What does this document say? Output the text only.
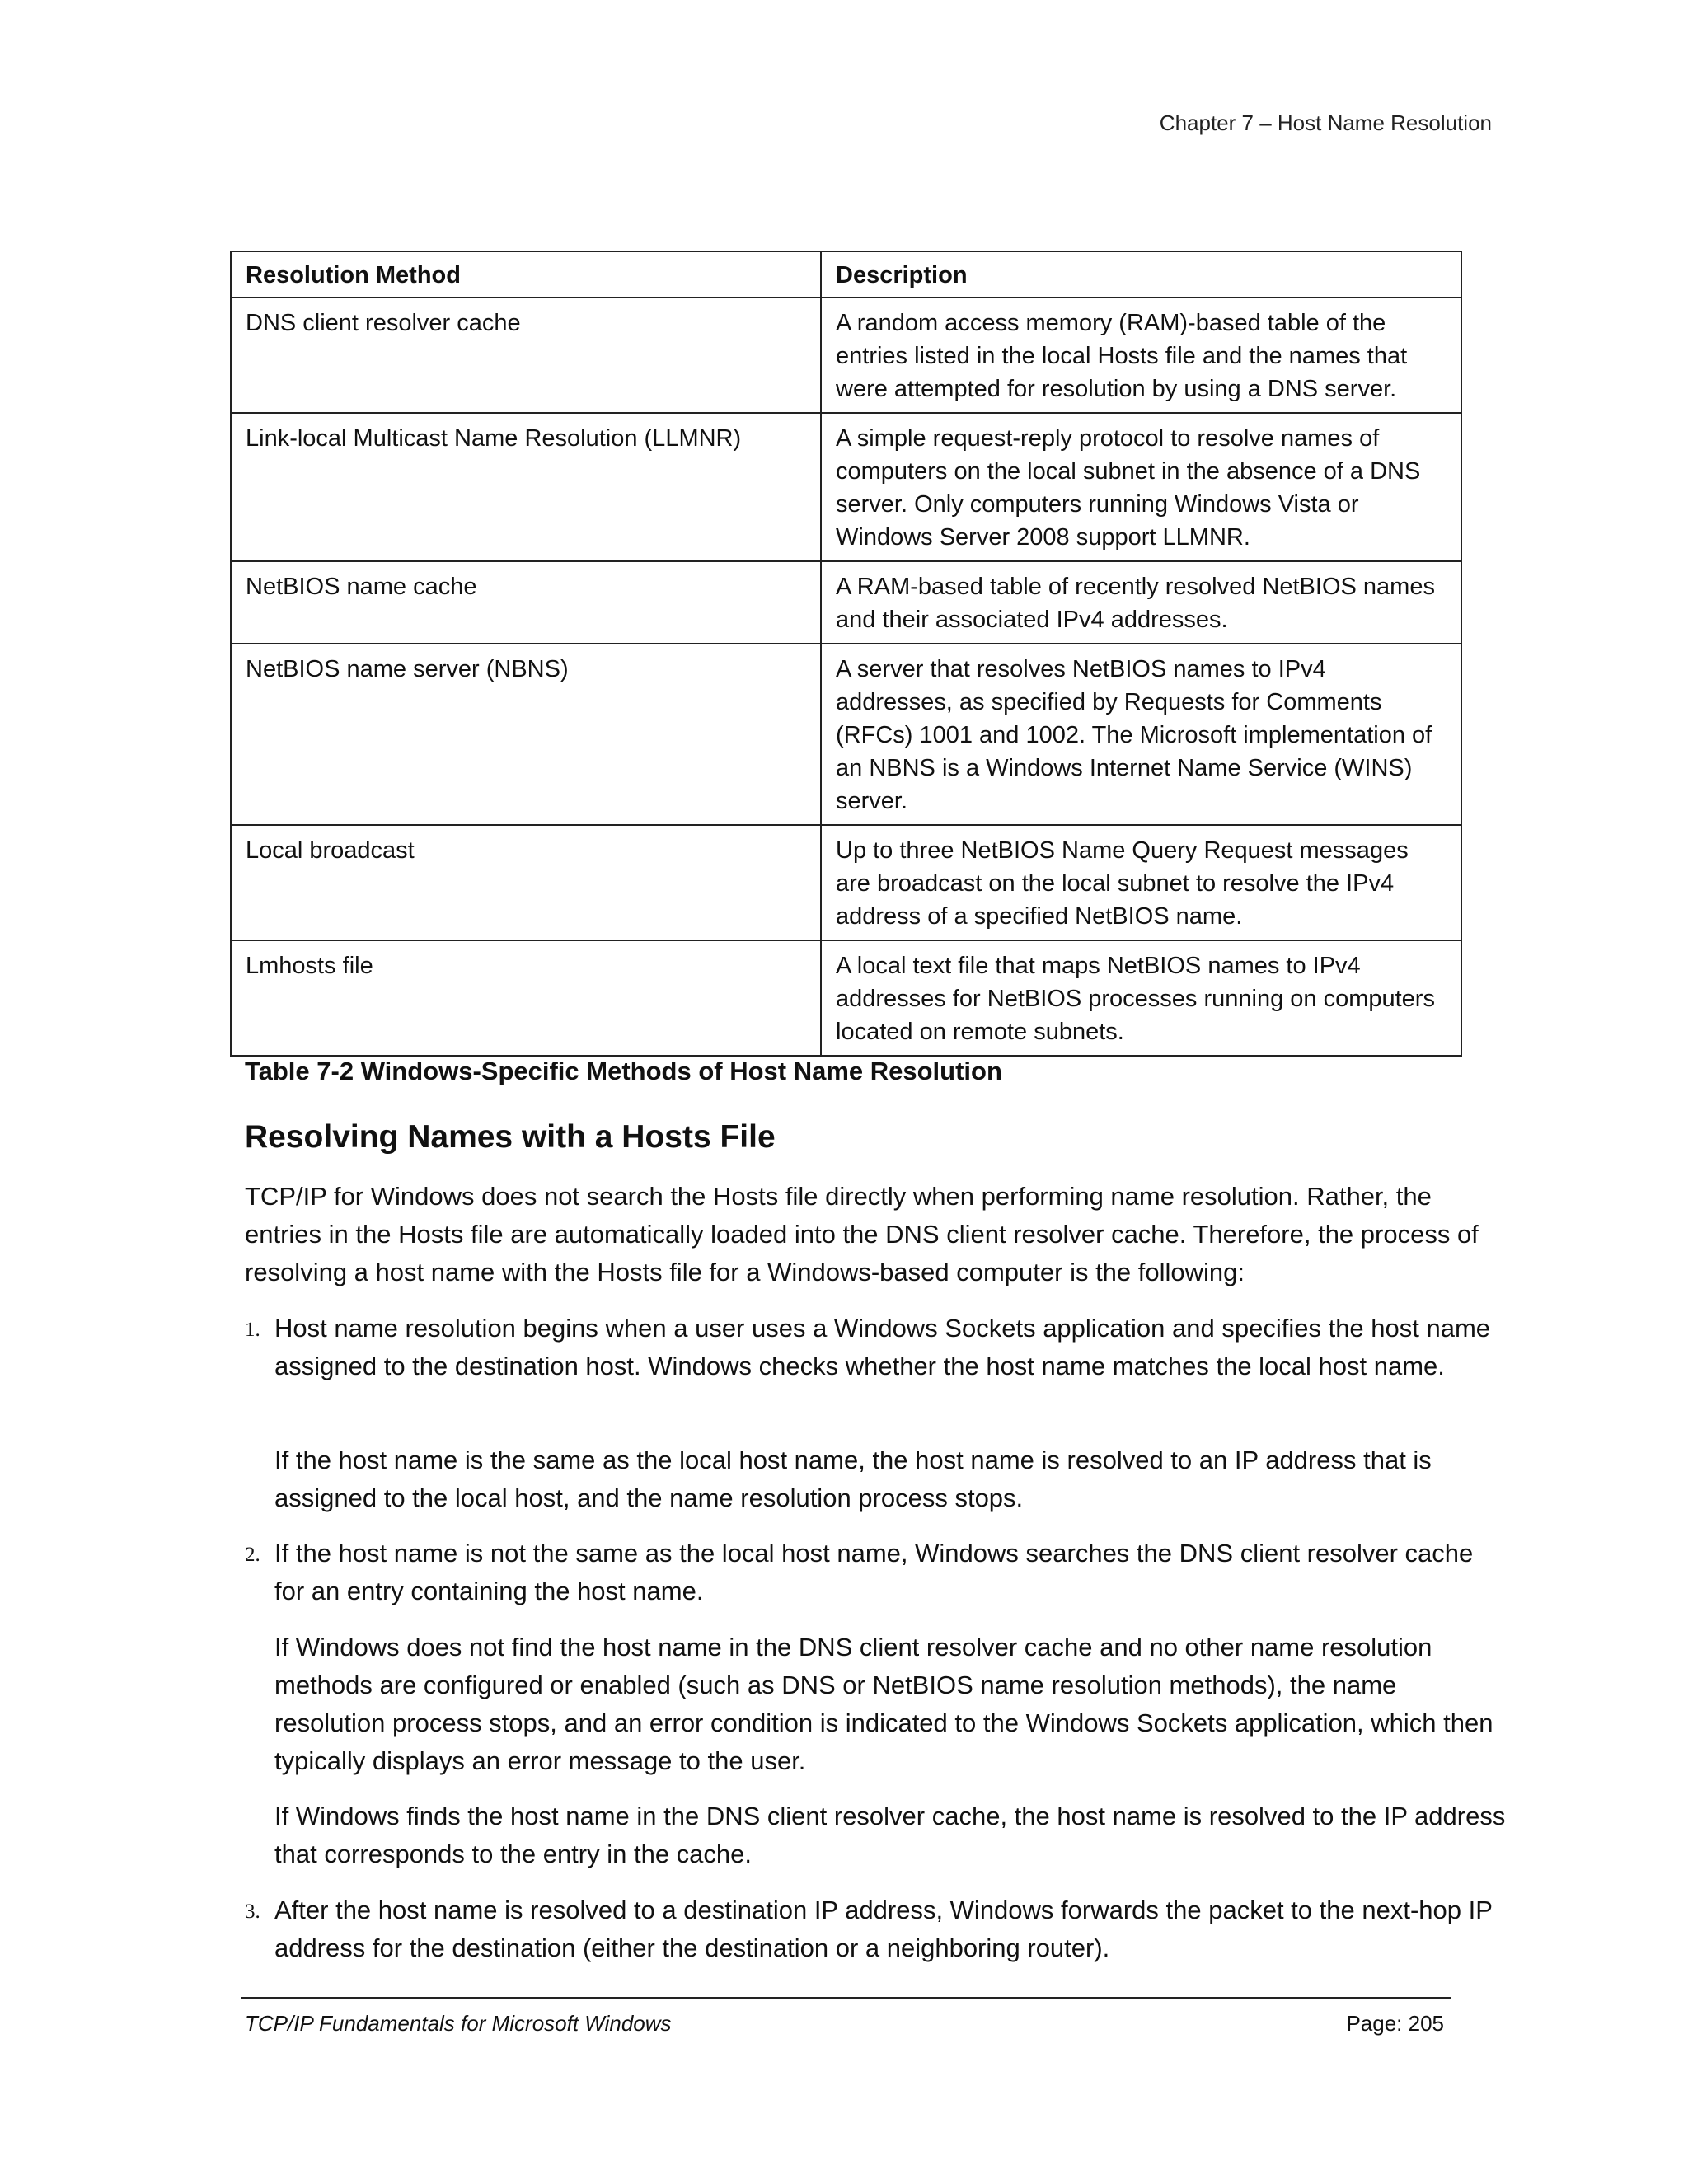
Chapter 7 – Host Name Resolution
Resolution Method	Description
DNS client resolver cache	A random access memory (RAM)-based table of the entries listed in the local Hosts file and the names that were attempted for resolution by using a DNS server.
Link-local Multicast Name Resolution (LLMNR)	A simple request-reply protocol to resolve names of computers on the local subnet in the absence of a DNS server. Only computers running Windows Vista or Windows Server 2008 support LLMNR.
NetBIOS name cache	A RAM-based table of recently resolved NetBIOS names and their associated IPv4 addresses.
NetBIOS name server (NBNS)	A server that resolves NetBIOS names to IPv4 addresses, as specified by Requests for Comments (RFCs) 1001 and 1002. The Microsoft implementation of an NBNS is a Windows Internet Name Service (WINS) server.
Local broadcast	Up to three NetBIOS Name Query Request messages are broadcast on the local subnet to resolve the IPv4 address of a specified NetBIOS name.
Lmhosts file	A local text file that maps NetBIOS names to IPv4 addresses for NetBIOS processes running on computers located on remote subnets.
Table 7-2 Windows-Specific Methods of Host Name Resolution
Resolving Names with a Hosts File
TCP/IP for Windows does not search the Hosts file directly when performing name resolution. Rather, the entries in the Hosts file are automatically loaded into the DNS client resolver cache. Therefore, the process of resolving a host name with the Hosts file for a Windows-based computer is the following:
1. Host name resolution begins when a user uses a Windows Sockets application and specifies the host name assigned to the destination host. Windows checks whether the host name matches the local host name.
If the host name is the same as the local host name, the host name is resolved to an IP address that is assigned to the local host, and the name resolution process stops.
2. If the host name is not the same as the local host name, Windows searches the DNS client resolver cache for an entry containing the host name.
If Windows does not find the host name in the DNS client resolver cache and no other name resolution methods are configured or enabled (such as DNS or NetBIOS name resolution methods), the name resolution process stops, and an error condition is indicated to the Windows Sockets application, which then typically displays an error message to the user.
If Windows finds the host name in the DNS client resolver cache, the host name is resolved to the IP address that corresponds to the entry in the cache.
3. After the host name is resolved to a destination IP address, Windows forwards the packet to the next-hop IP address for the destination (either the destination or a neighboring router).
TCP/IP Fundamentals for Microsoft Windows	Page: 205
